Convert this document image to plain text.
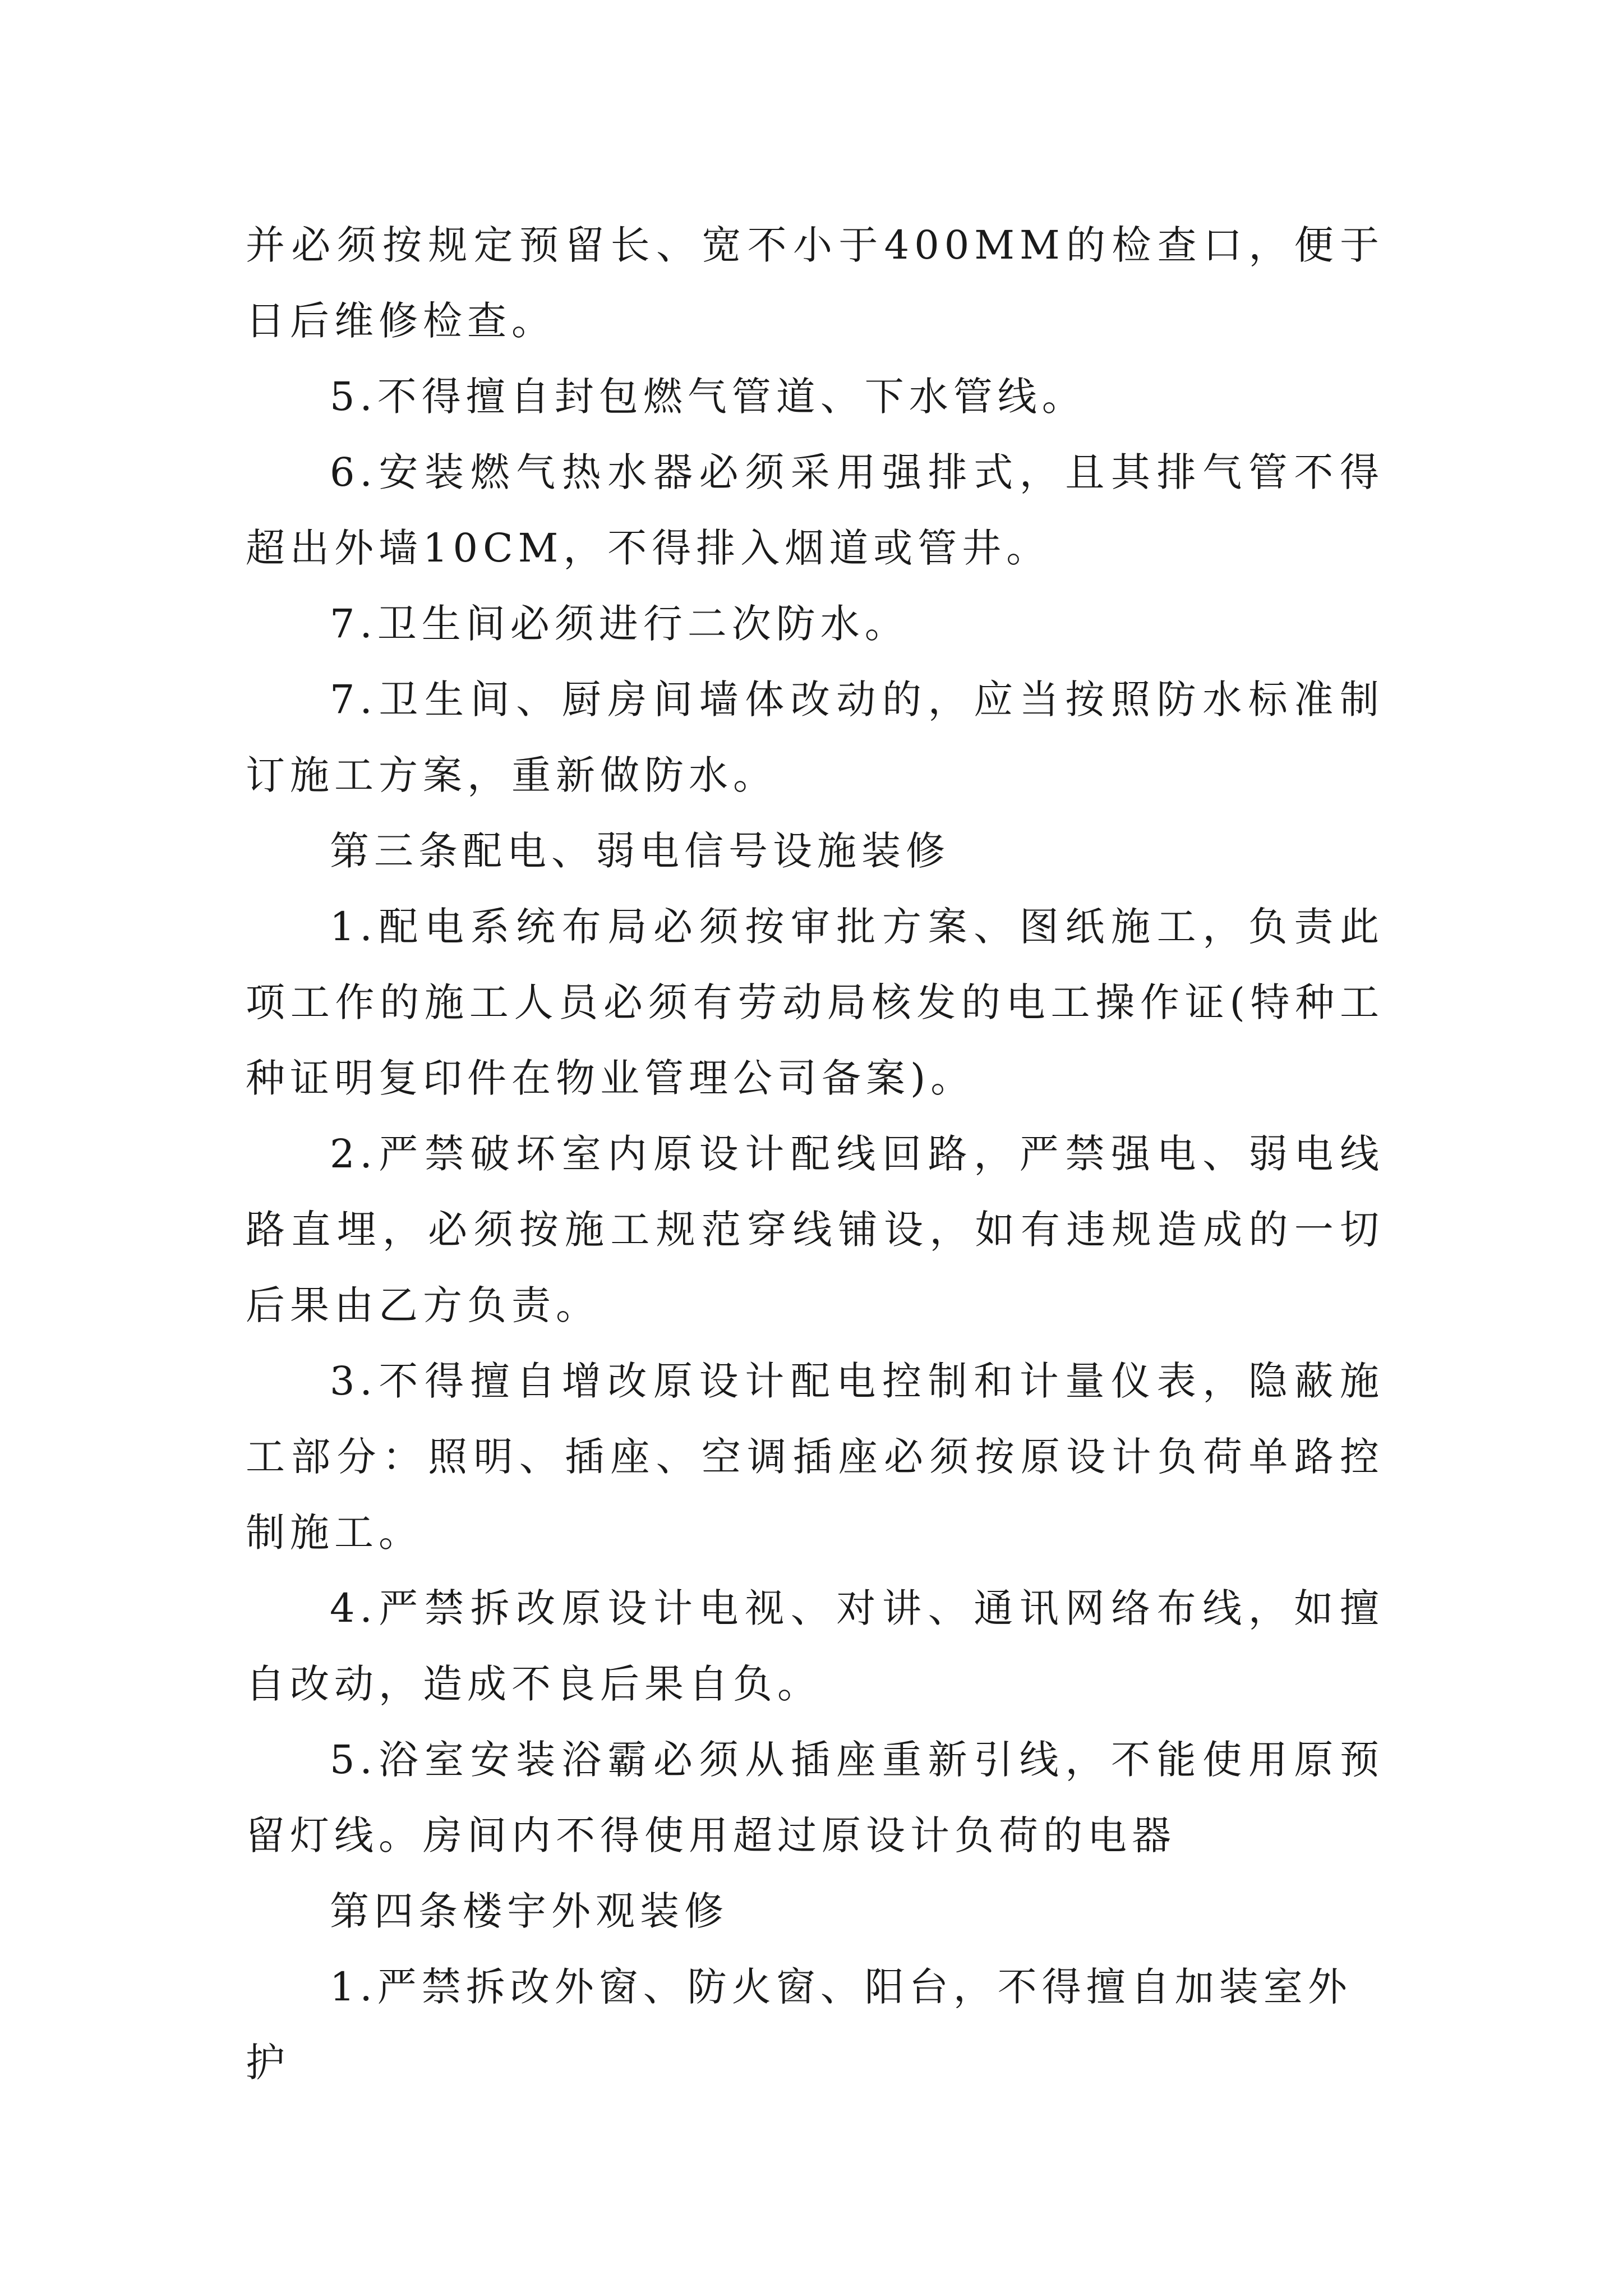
并必须按规定预留长、宽不小于400MM的检查口，便于日后维修检查。

5.不得擅自封包燃气管道、下水管线。

6.安装燃气热水器必须采用强排式，且其排气管不得超出外墙10CM，不得排入烟道或管井。

7.卫生间必须进行二次防水。

7.卫生间、厨房间墙体改动的，应当按照防水标准制订施工方案，重新做防水。

第三条配电、弱电信号设施装修

1.配电系统布局必须按审批方案、图纸施工，负责此项工作的施工人员必须有劳动局核发的电工操作证(特种工种证明复印件在物业管理公司备案)。

2.严禁破坏室内原设计配线回路，严禁强电、弱电线路直埋，必须按施工规范穿线铺设，如有违规造成的一切后果由乙方负责。

3.不得擅自增改原设计配电控制和计量仪表，隐蔽施工部分：照明、插座、空调插座必须按原设计负荷单路控制施工。

4.严禁拆改原设计电视、对讲、通讯网络布线，如擅自改动，造成不良后果自负。

5.浴室安装浴霸必须从插座重新引线，不能使用原预留灯线。房间内不得使用超过原设计负荷的电器

第四条楼宇外观装修

1.严禁拆改外窗、防火窗、阳台，不得擅自加装室外护
